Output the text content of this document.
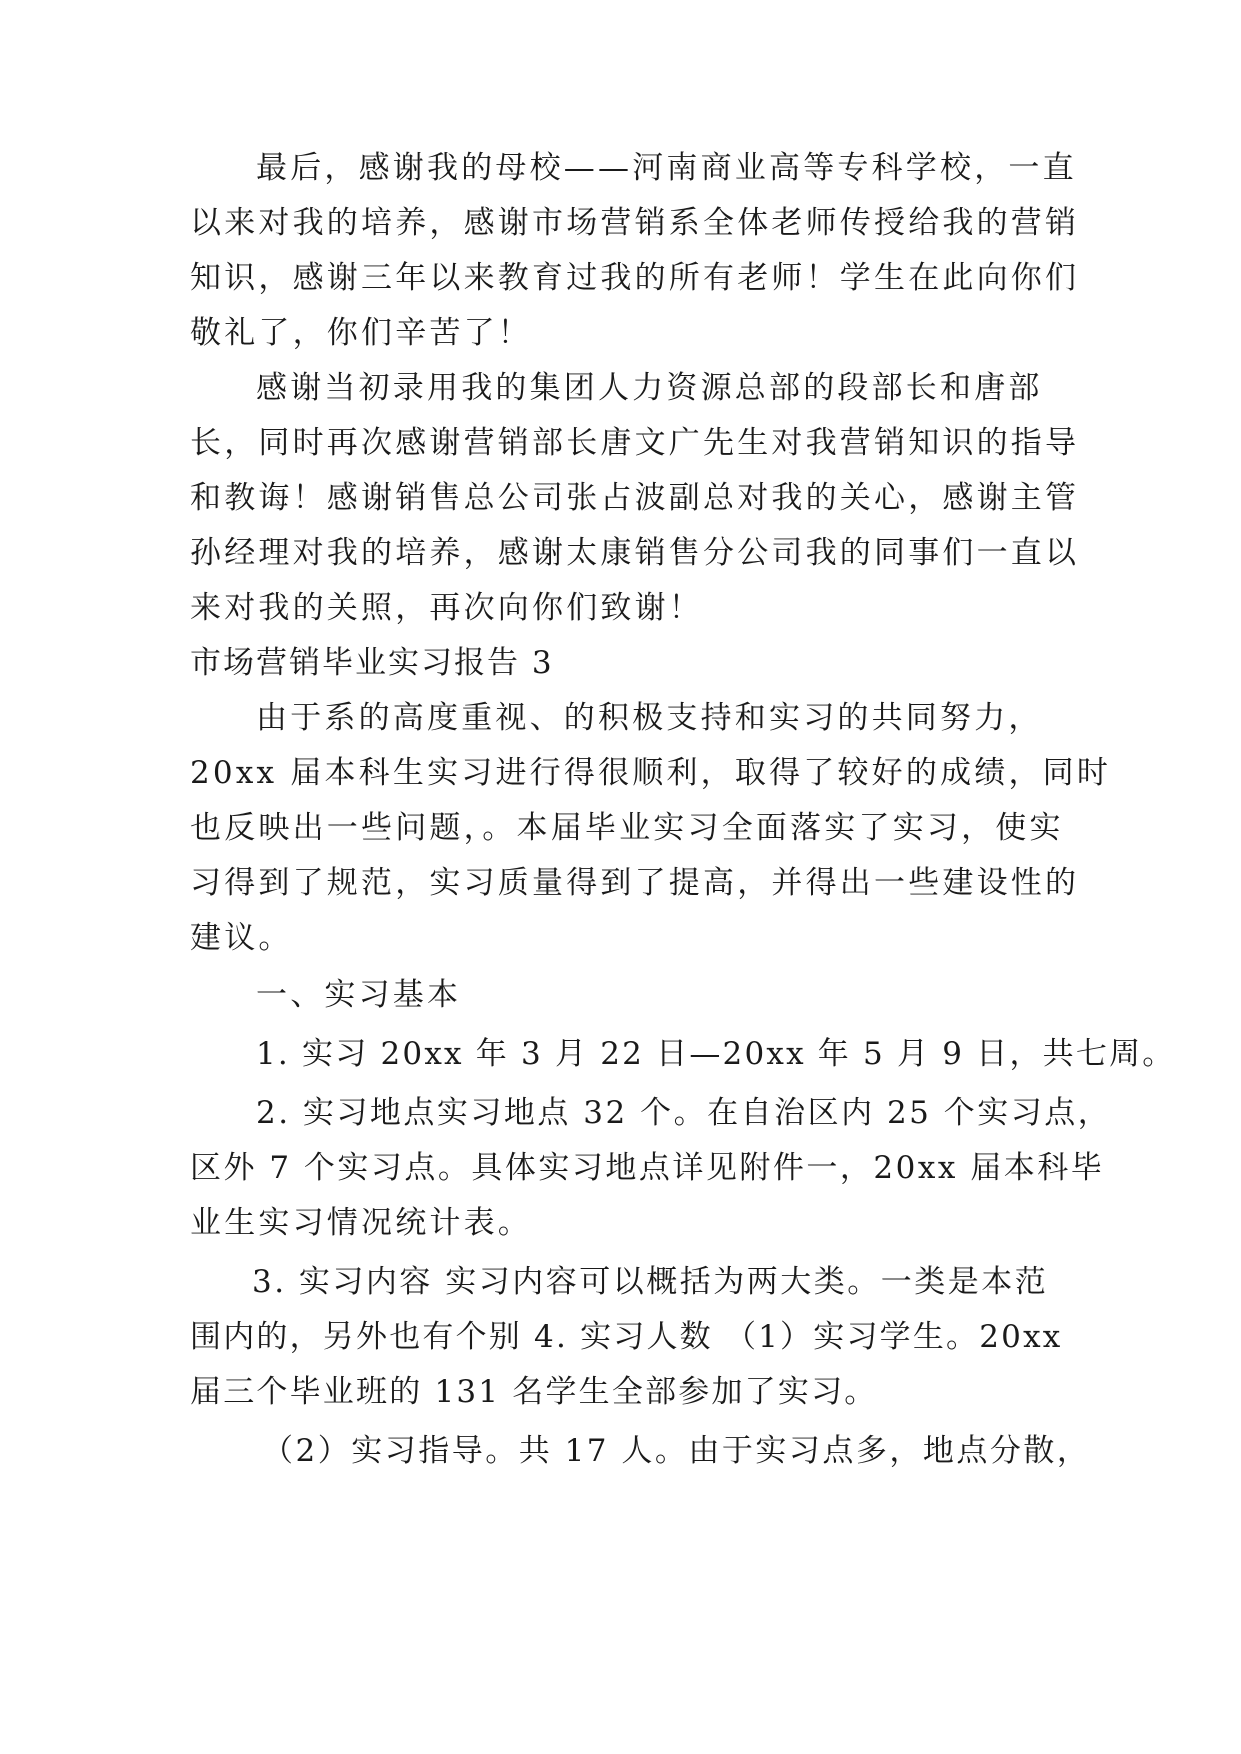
最后，感谢我的母校——河南商业高等专科学校，一直
以来对我的培养，感谢市场营销系全体老师传授给我的营销
知识，感谢三年以来教育过我的所有老师！学生在此向你们
敬礼了，你们辛苦了！
感谢当初录用我的集团人力资源总部的段部长和唐部
长，同时再次感谢营销部长唐文广先生对我营销知识的指导
和教诲！感谢销售总公司张占波副总对我的关心，感谢主管
孙经理对我的培养，感谢太康销售分公司我的同事们一直以
来对我的关照，再次向你们致谢！
市场营销毕业实习报告 3
由于系的高度重视、的积极支持和实习的共同努力，
20xx 届本科生实习进行得很顺利，取得了较好的成绩，同时
也反映出一些问题，。本届毕业实习全面落实了实习，使实
习得到了规范，实习质量得到了提高，并得出一些建设性的
建议。
一、实习基本
1. 实习 20xx 年 3 月 22 日—20xx 年 5 月 9 日，共七周。
2. 实习地点实习地点 32 个。在自治区内 25 个实习点，
区外 7 个实习点。具体实习地点详见附件一，20xx 届本科毕
业生实习情况统计表。
3. 实习内容 实习内容可以概括为两大类。一类是本范
围内的，另外也有个别 4. 实习人数 （1）实习学生。20xx
届三个毕业班的 131 名学生全部参加了实习。
（2）实习指导。共 17 人。由于实习点多，地点分散，
